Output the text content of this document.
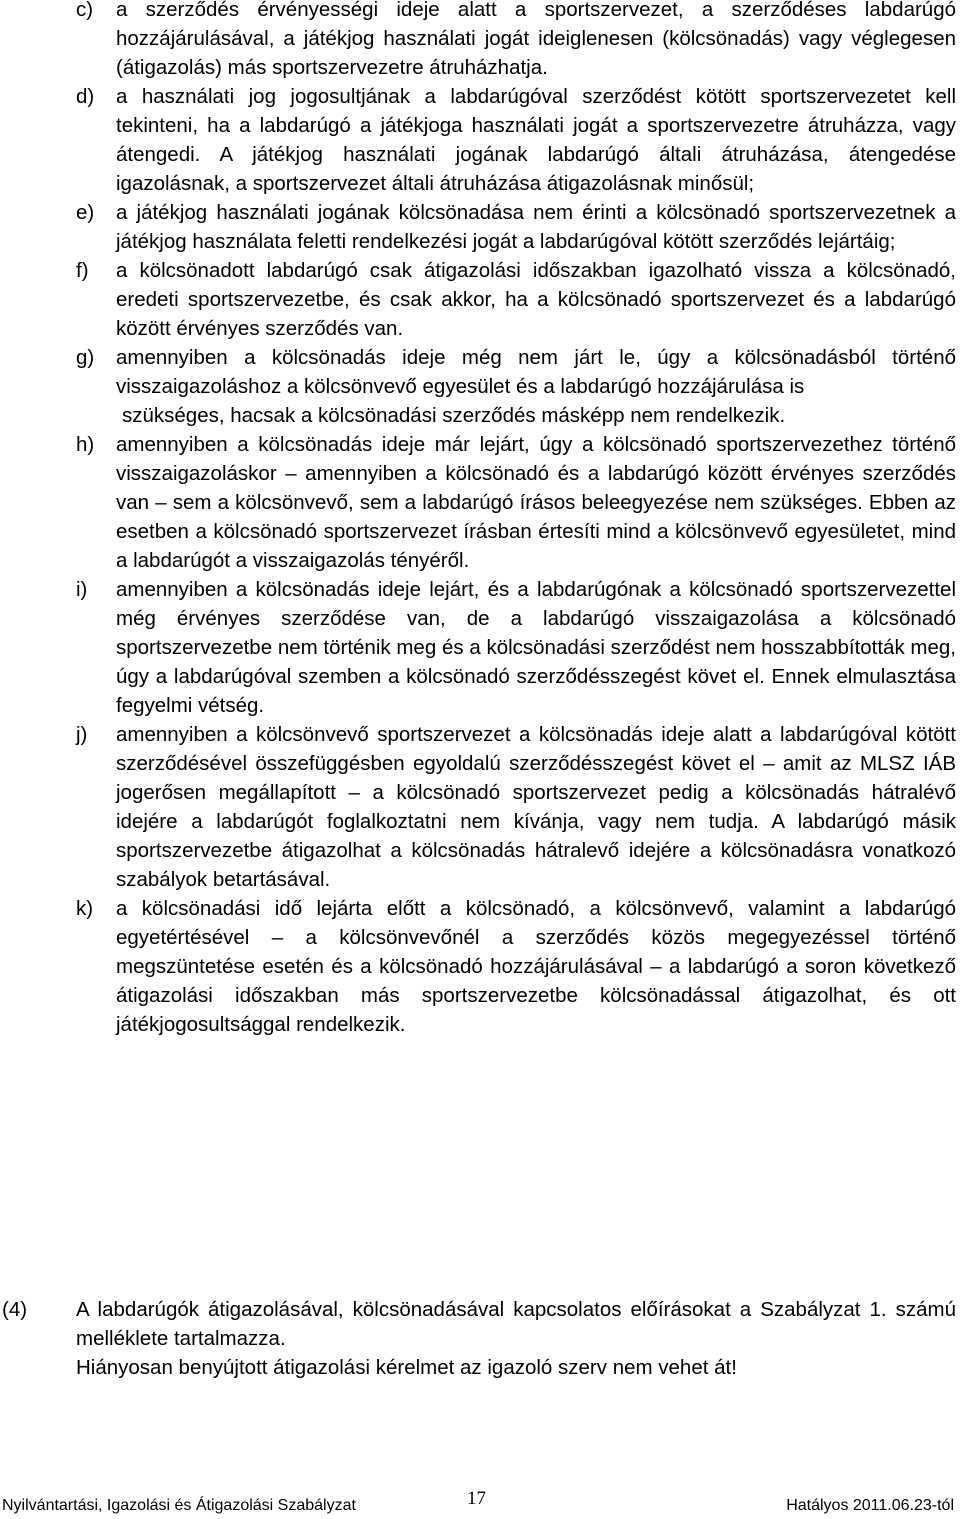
c)	a szerződés érvényességi ideje alatt a sportszervezet, a szerződéses labdarúgó hozzájárulásával, a játékjog használati jogát ideiglenesen (kölcsönadás) vagy véglegesen (átigazolás) más sportszervezetre átruházhatja.

d)	a használati jog jogosultjának a labdarúgóval szerződést kötött sportszervezetet kell tekinteni, ha a labdarúgó a játékjoga használati jogát a sportszervezetre átruházza, vagy átengedi. A játékjog használati jogának labdarúgó általi átruházása, átengedése igazolásnak, a sportszervezet általi átruházása átigazolásnak minősül;

e)	a játékjog használati jogának kölcsönadása nem érinti a kölcsönadó sportszervezetnek a játékjog használata feletti rendelkezési jogát a labdarúgóval kötött szerződés lejártáig;

f)	a kölcsönadott labdarúgó csak átigazolási időszakban igazolható vissza a kölcsönadó, eredeti sportszervezetbe, és csak akkor, ha a kölcsönadó sportszervezet és a labdarúgó között érvényes szerződés van.

g)	amennyiben a kölcsönadás ideje még nem járt le, úgy a kölcsönadásból történő visszaigazoláshoz a kölcsönvevő egyesület és a labdarúgó hozzájárulása is

szükséges, hacsak a kölcsönadási szerződés másképp nem rendelkezik.

h)	amennyiben a kölcsönadás ideje már lejárt, úgy a kölcsönadó sportszervezethez történő visszaigazoláskor – amennyiben a kölcsönadó és a labdarúgó között érvényes szerződés van – sem a kölcsönvevő, sem a labdarúgó írásos beleegyezése nem szükséges. Ebben az esetben a kölcsönadó sportszervezet írásban értesíti mind a kölcsönvevő egyesületet, mind a labdarúgót a visszaigazolás tényéről.

i)	amennyiben a kölcsönadás ideje lejárt, és a labdarúgónak a kölcsönadó sportszervezettel még érvényes szerződése van, de a labdarúgó visszaigazolása a kölcsönadó sportszervezetbe nem történik meg és a kölcsönadási szerződést nem hosszabbították meg, úgy a labdarúgóval szemben a kölcsönadó szerződésszegést követ el. Ennek elmulasztása fegyelmi vétség.

j)	amennyiben a kölcsönvevő sportszervezet a kölcsönadás ideje alatt a labdarúgóval kötött szerződésével összefüggésben egyoldalú szerződésszegést követ el – amit az MLSZ IÁB jogerősen megállapított – a kölcsönadó sportszervezet pedig a kölcsönadás hátralévő idejére a labdarúgót foglalkoztatni nem kívánja, vagy nem tudja. A labdarúgó másik sportszervezetbe átigazolhat a kölcsönadás hátralevő idejére a kölcsönadásra vonatkozó szabályok betartásával.

k)	a kölcsönadási idő lejárta előtt a kölcsönadó, a kölcsönvevő, valamint a labdarúgó egyetértésével – a kölcsönvevőnél a szerződés közös megegyezéssel történő megszüntetése esetén és a kölcsönadó hozzájárulásával – a labdarúgó a soron következő átigazolási időszakban más sportszervezetbe kölcsönadással átigazolhat, és ott játékjogosultsággal rendelkezik.

(4)	A labdarúgók átigazolásával, kölcsönadásával kapcsolatos előírásokat a Szabályzat 1. számú melléklete tartalmazza.

Hiányosan benyújtott átigazolási kérelmet az igazoló szerv nem vehet át!

Nyilvántartási, Igazolási és Átigazolási Szabályzat	17	Hatályos 2011.06.23-tól
